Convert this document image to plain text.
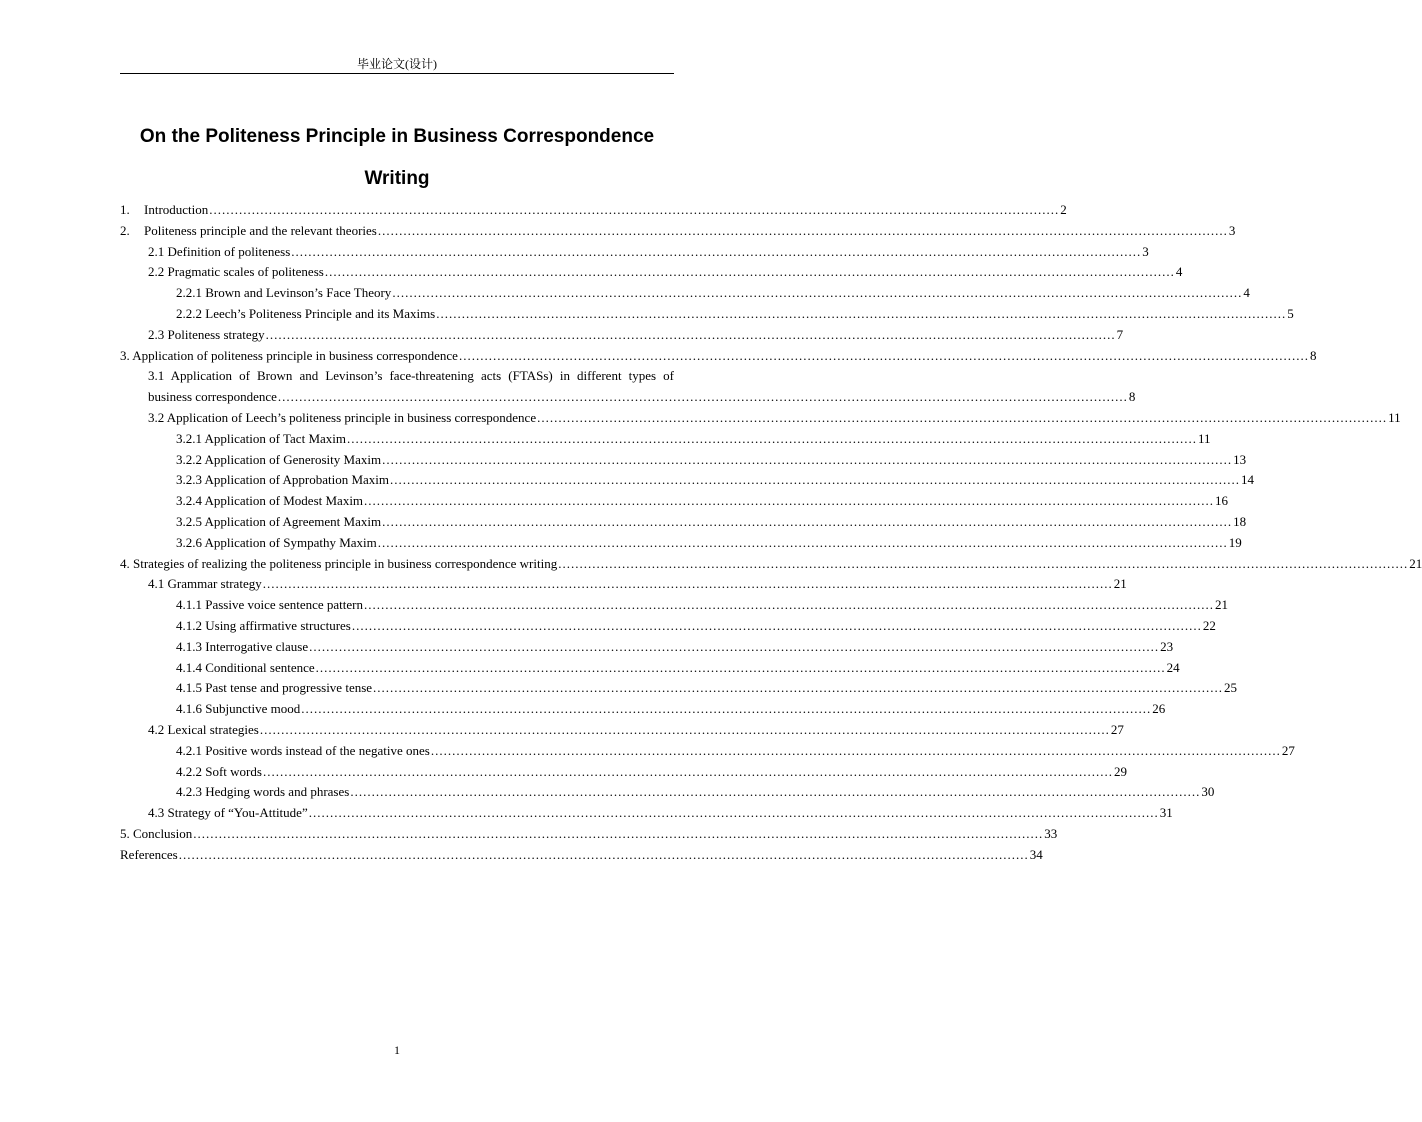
毕业论文(设计)
On the Politeness Principle in Business Correspondence
Writing
1. Introduction ........................................................................................................................................................................................................ 2
2. Politeness principle and the relevant theories ........................................................................................................................................................................................................ 3
2.1 Definition of politeness ........................................................................................................................................................................................................ 3
2.2 Pragmatic scales of politeness ........................................................................................................................................................................................................ 4
2.2.1 Brown and Levinson’s Face Theory ........................................................................................................................................................................................................ 4
2.2.2 Leech’s Politeness Principle and its Maxims ........................................................................................................................................................................................................ 5
2.3 Politeness strategy ........................................................................................................................................................................................................ 7
3. Application of politeness principle in business correspondence ........................................................................................................................................................................................................ 8
3.1 Application of Brown and Levinson’s face-threatening acts (FTASs) in different types of
business correspondence ........................................................................................................................................................................................................ 8
3.2 Application of Leech’s politeness principle in business correspondence ........................................................................................................................................................................................................ 11
3.2.1 Application of Tact Maxim ........................................................................................................................................................................................................ 11
3.2.2 Application of Generosity Maxim ........................................................................................................................................................................................................ 13
3.2.3 Application of Approbation Maxim ........................................................................................................................................................................................................ 14
3.2.4 Application of Modest Maxim ........................................................................................................................................................................................................ 16
3.2.5 Application of Agreement Maxim ........................................................................................................................................................................................................ 18
3.2.6 Application of Sympathy Maxim ........................................................................................................................................................................................................ 19
4. Strategies of realizing the politeness principle in business correspondence writing ........................................................................................................................................................................................................ 21
4.1 Grammar strategy ........................................................................................................................................................................................................ 21
4.1.1 Passive voice sentence pattern ........................................................................................................................................................................................................ 21
4.1.2 Using affirmative structures ........................................................................................................................................................................................................ 22
4.1.3 Interrogative clause ........................................................................................................................................................................................................ 23
4.1.4 Conditional sentence ........................................................................................................................................................................................................ 24
4.1.5 Past tense and progressive tense ........................................................................................................................................................................................................ 25
4.1.6 Subjunctive mood ........................................................................................................................................................................................................ 26
4.2 Lexical strategies ........................................................................................................................................................................................................ 27
4.2.1 Positive words instead of the negative ones ........................................................................................................................................................................................................ 27
4.2.2 Soft words ........................................................................................................................................................................................................ 29
4.2.3 Hedging words and phrases ........................................................................................................................................................................................................ 30
4.3 Strategy of “You-Attitude” ........................................................................................................................................................................................................ 31
5. Conclusion ........................................................................................................................................................................................................ 33
References ........................................................................................................................................................................................................ 34
1
